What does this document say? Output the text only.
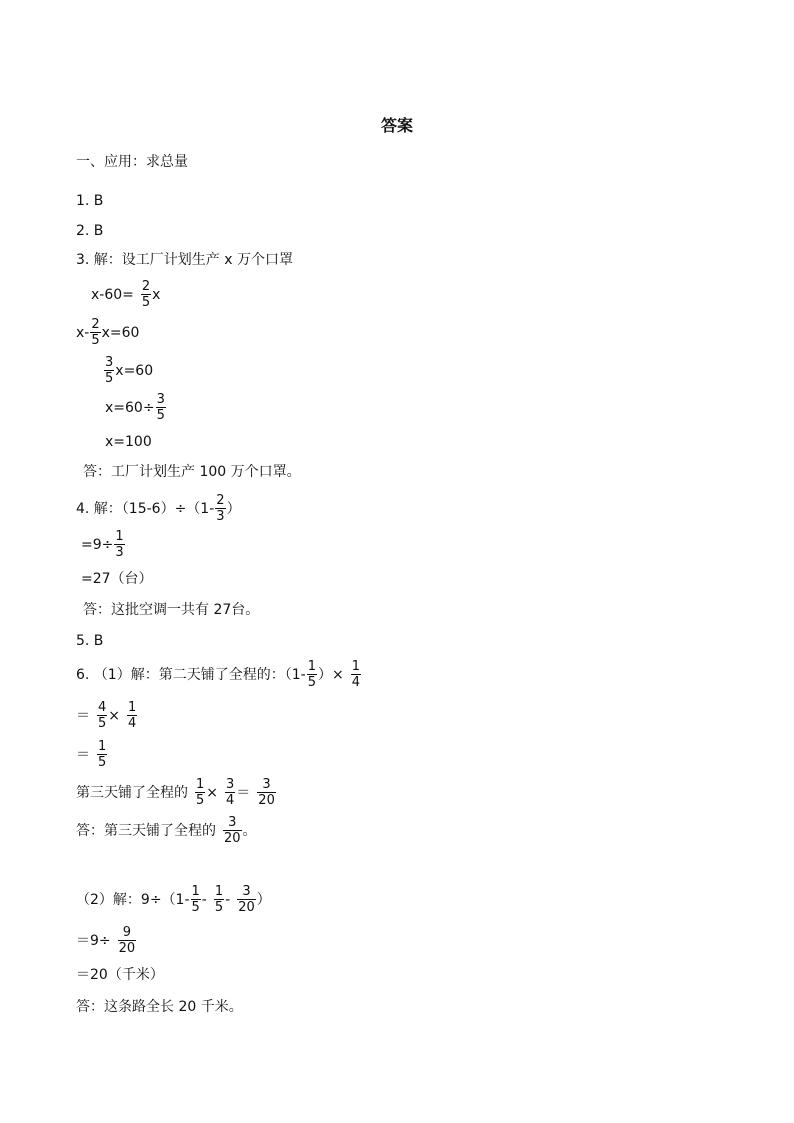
答案
一、应用：求总量
1. B
2. B
3. 解：设工厂计划生产 x 万个口罩
$x-60= \frac{2}{5}$ x
$x- \frac{2}{5} x=60$
$\frac{3}{5} x=60$
$x=60\div \frac{3}{5}$
x=100
答：工厂计划生产 100 万个口罩。
4. 解：$(15-6)\div(1- \frac{2}{3}$ ）
$=9\div \frac{1}{3}$
=27（台）
答：这批空调一共有 27台。
5. B
6. （1）解：第二天铺了全程的：（$1- \frac{1}{5}$ ）× $\frac{1}{4}$
＝ $\frac{4}{5} \times \frac{1}{4}$
＝ $\frac{1}{5}$
第三天铺了全程的 $\frac{1}{5} \times \frac{3}{4} = \frac{3}{20}$
答：第三天铺了全程的 $\frac{3}{20}$ 。
（2）解：$9\div(1- \frac{1}{5} - \frac{1}{5} - \frac{3}{20}$ ）
$=9\div \frac{9}{20}$
＝20（千米）
答：这条路全长 20 千米。
